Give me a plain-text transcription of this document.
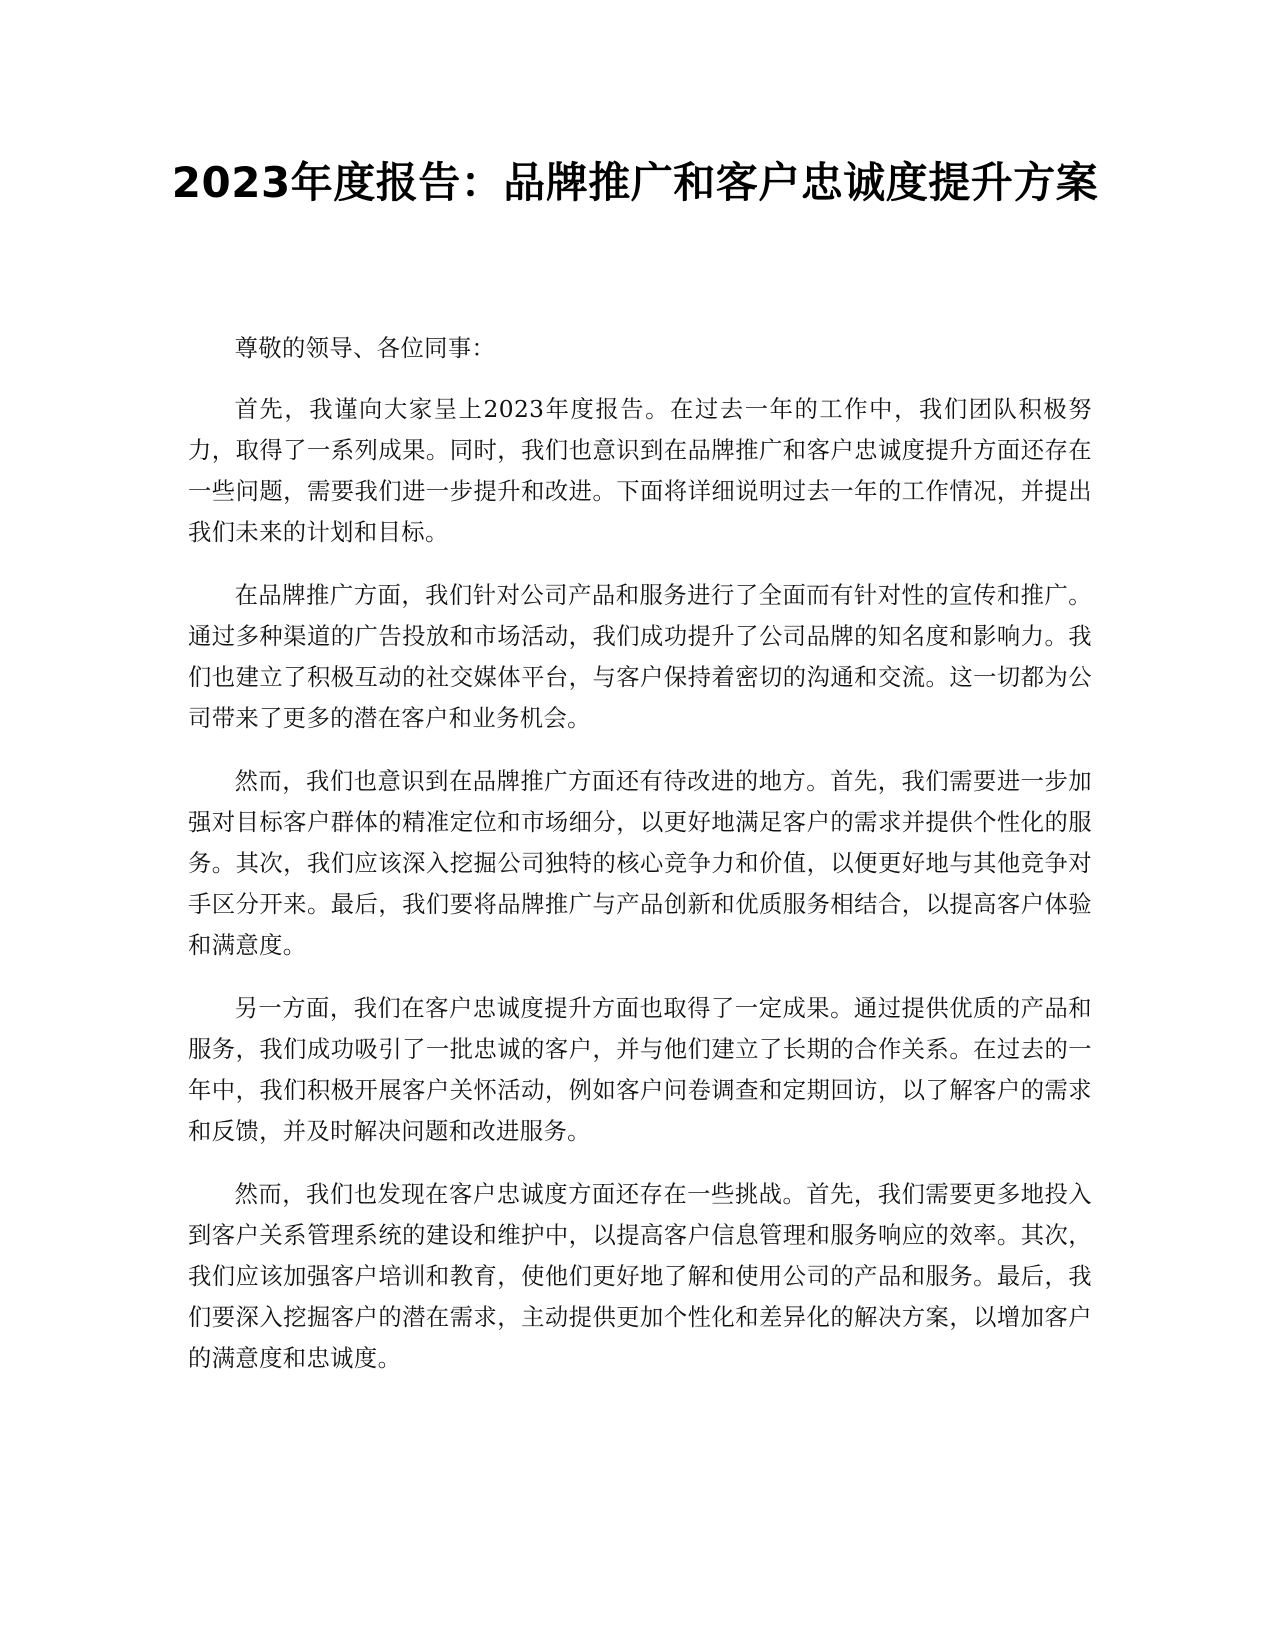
2023年度报告：品牌推广和客户忠诚度提升方案

尊敬的领导、各位同事：

首先，我谨向大家呈上2023年度报告。在过去一年的工作中，我们团队积极努力，取得了一系列成果。同时，我们也意识到在品牌推广和客户忠诚度提升方面还存在一些问题，需要我们进一步提升和改进。下面将详细说明过去一年的工作情况，并提出我们未来的计划和目标。

在品牌推广方面，我们针对公司产品和服务进行了全面而有针对性的宣传和推广。通过多种渠道的广告投放和市场活动，我们成功提升了公司品牌的知名度和影响力。我们也建立了积极互动的社交媒体平台，与客户保持着密切的沟通和交流。这一切都为公司带来了更多的潜在客户和业务机会。

然而，我们也意识到在品牌推广方面还有待改进的地方。首先，我们需要进一步加强对目标客户群体的精准定位和市场细分，以更好地满足客户的需求并提供个性化的服务。其次，我们应该深入挖掘公司独特的核心竞争力和价值，以便更好地与其他竞争对手区分开来。最后，我们要将品牌推广与产品创新和优质服务相结合，以提高客户体验和满意度。

另一方面，我们在客户忠诚度提升方面也取得了一定成果。通过提供优质的产品和服务，我们成功吸引了一批忠诚的客户，并与他们建立了长期的合作关系。在过去的一年中，我们积极开展客户关怀活动，例如客户问卷调查和定期回访，以了解客户的需求和反馈，并及时解决问题和改进服务。

然而，我们也发现在客户忠诚度方面还存在一些挑战。首先，我们需要更多地投入到客户关系管理系统的建设和维护中，以提高客户信息管理和服务响应的效率。其次，我们应该加强客户培训和教育，使他们更好地了解和使用公司的产品和服务。最后，我们要深入挖掘客户的潜在需求，主动提供更加个性化和差异化的解决方案，以增加客户的满意度和忠诚度。
